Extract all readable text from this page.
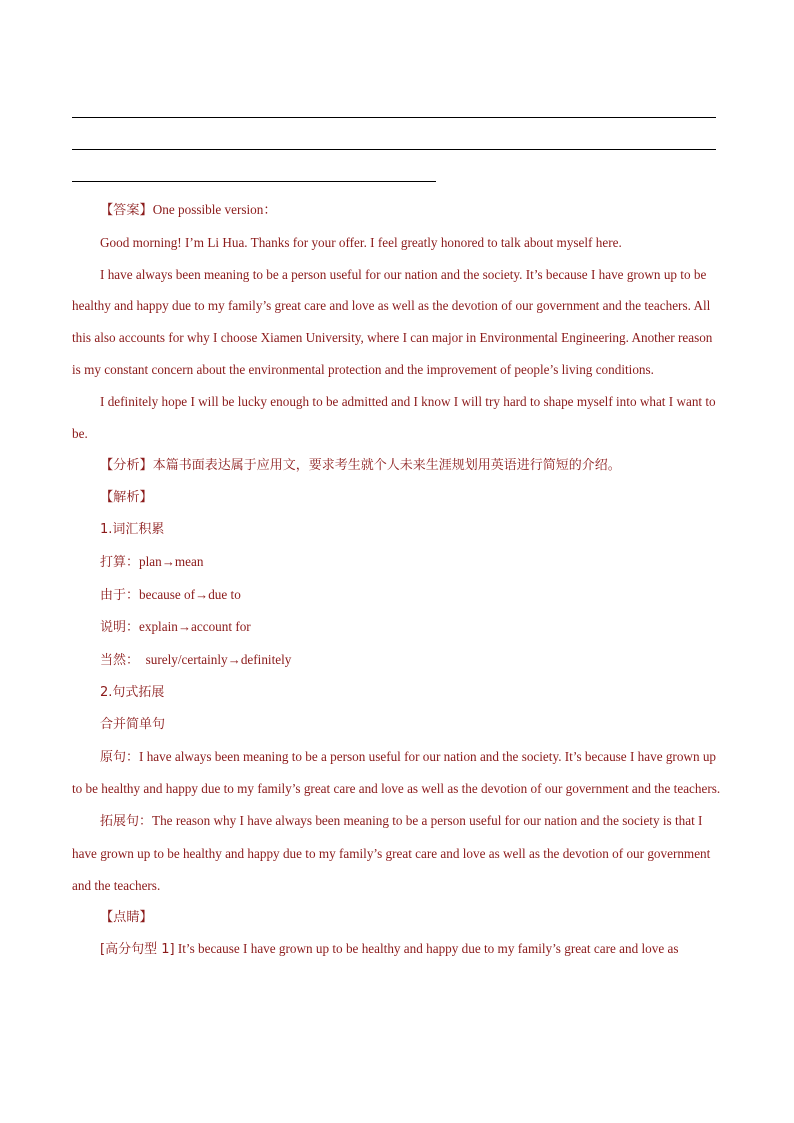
【答案】One possible version：

Good morning! I’m Li Hua. Thanks for your offer. I feel greatly honored to talk about myself here.

I have always been meaning to be a person useful for our nation and the society. It’s because I have grown up to be healthy and happy due to my family’s great care and love as well as the devotion of our government and the teachers. All this also accounts for why I choose Xiamen University, where I can major in Environmental Engineering. Another reason is my constant concern about the environmental protection and the improvement of people’s living conditions.

I definitely hope I will be lucky enough to be admitted and I know I will try hard to shape myself into what I want to be.

【分析】本篇书面表达属于应用文，要求考生就个人未来生涯规划用英语进行简短的介绍。

【解析】

1.词汇积累

打算：plan→mean

由于：because of→due to

说明：explain→account for

当然：  surely/certainly→definitely

2.句式拓展

合并简单句

原句：I have always been meaning to be a person useful for our nation and the society. It’s because I have grown up to be healthy and happy due to my family’s great care and love as well as the devotion of our government and the teachers.

拓展句：The reason why I have always been meaning to be a person useful for our nation and the society is that I have grown up to be healthy and happy due to my family’s great care and love as well as the devotion of our government and the teachers.

【点睛】

[高分句型 1] It’s because I have grown up to be healthy and happy due to my family’s great care and love as
